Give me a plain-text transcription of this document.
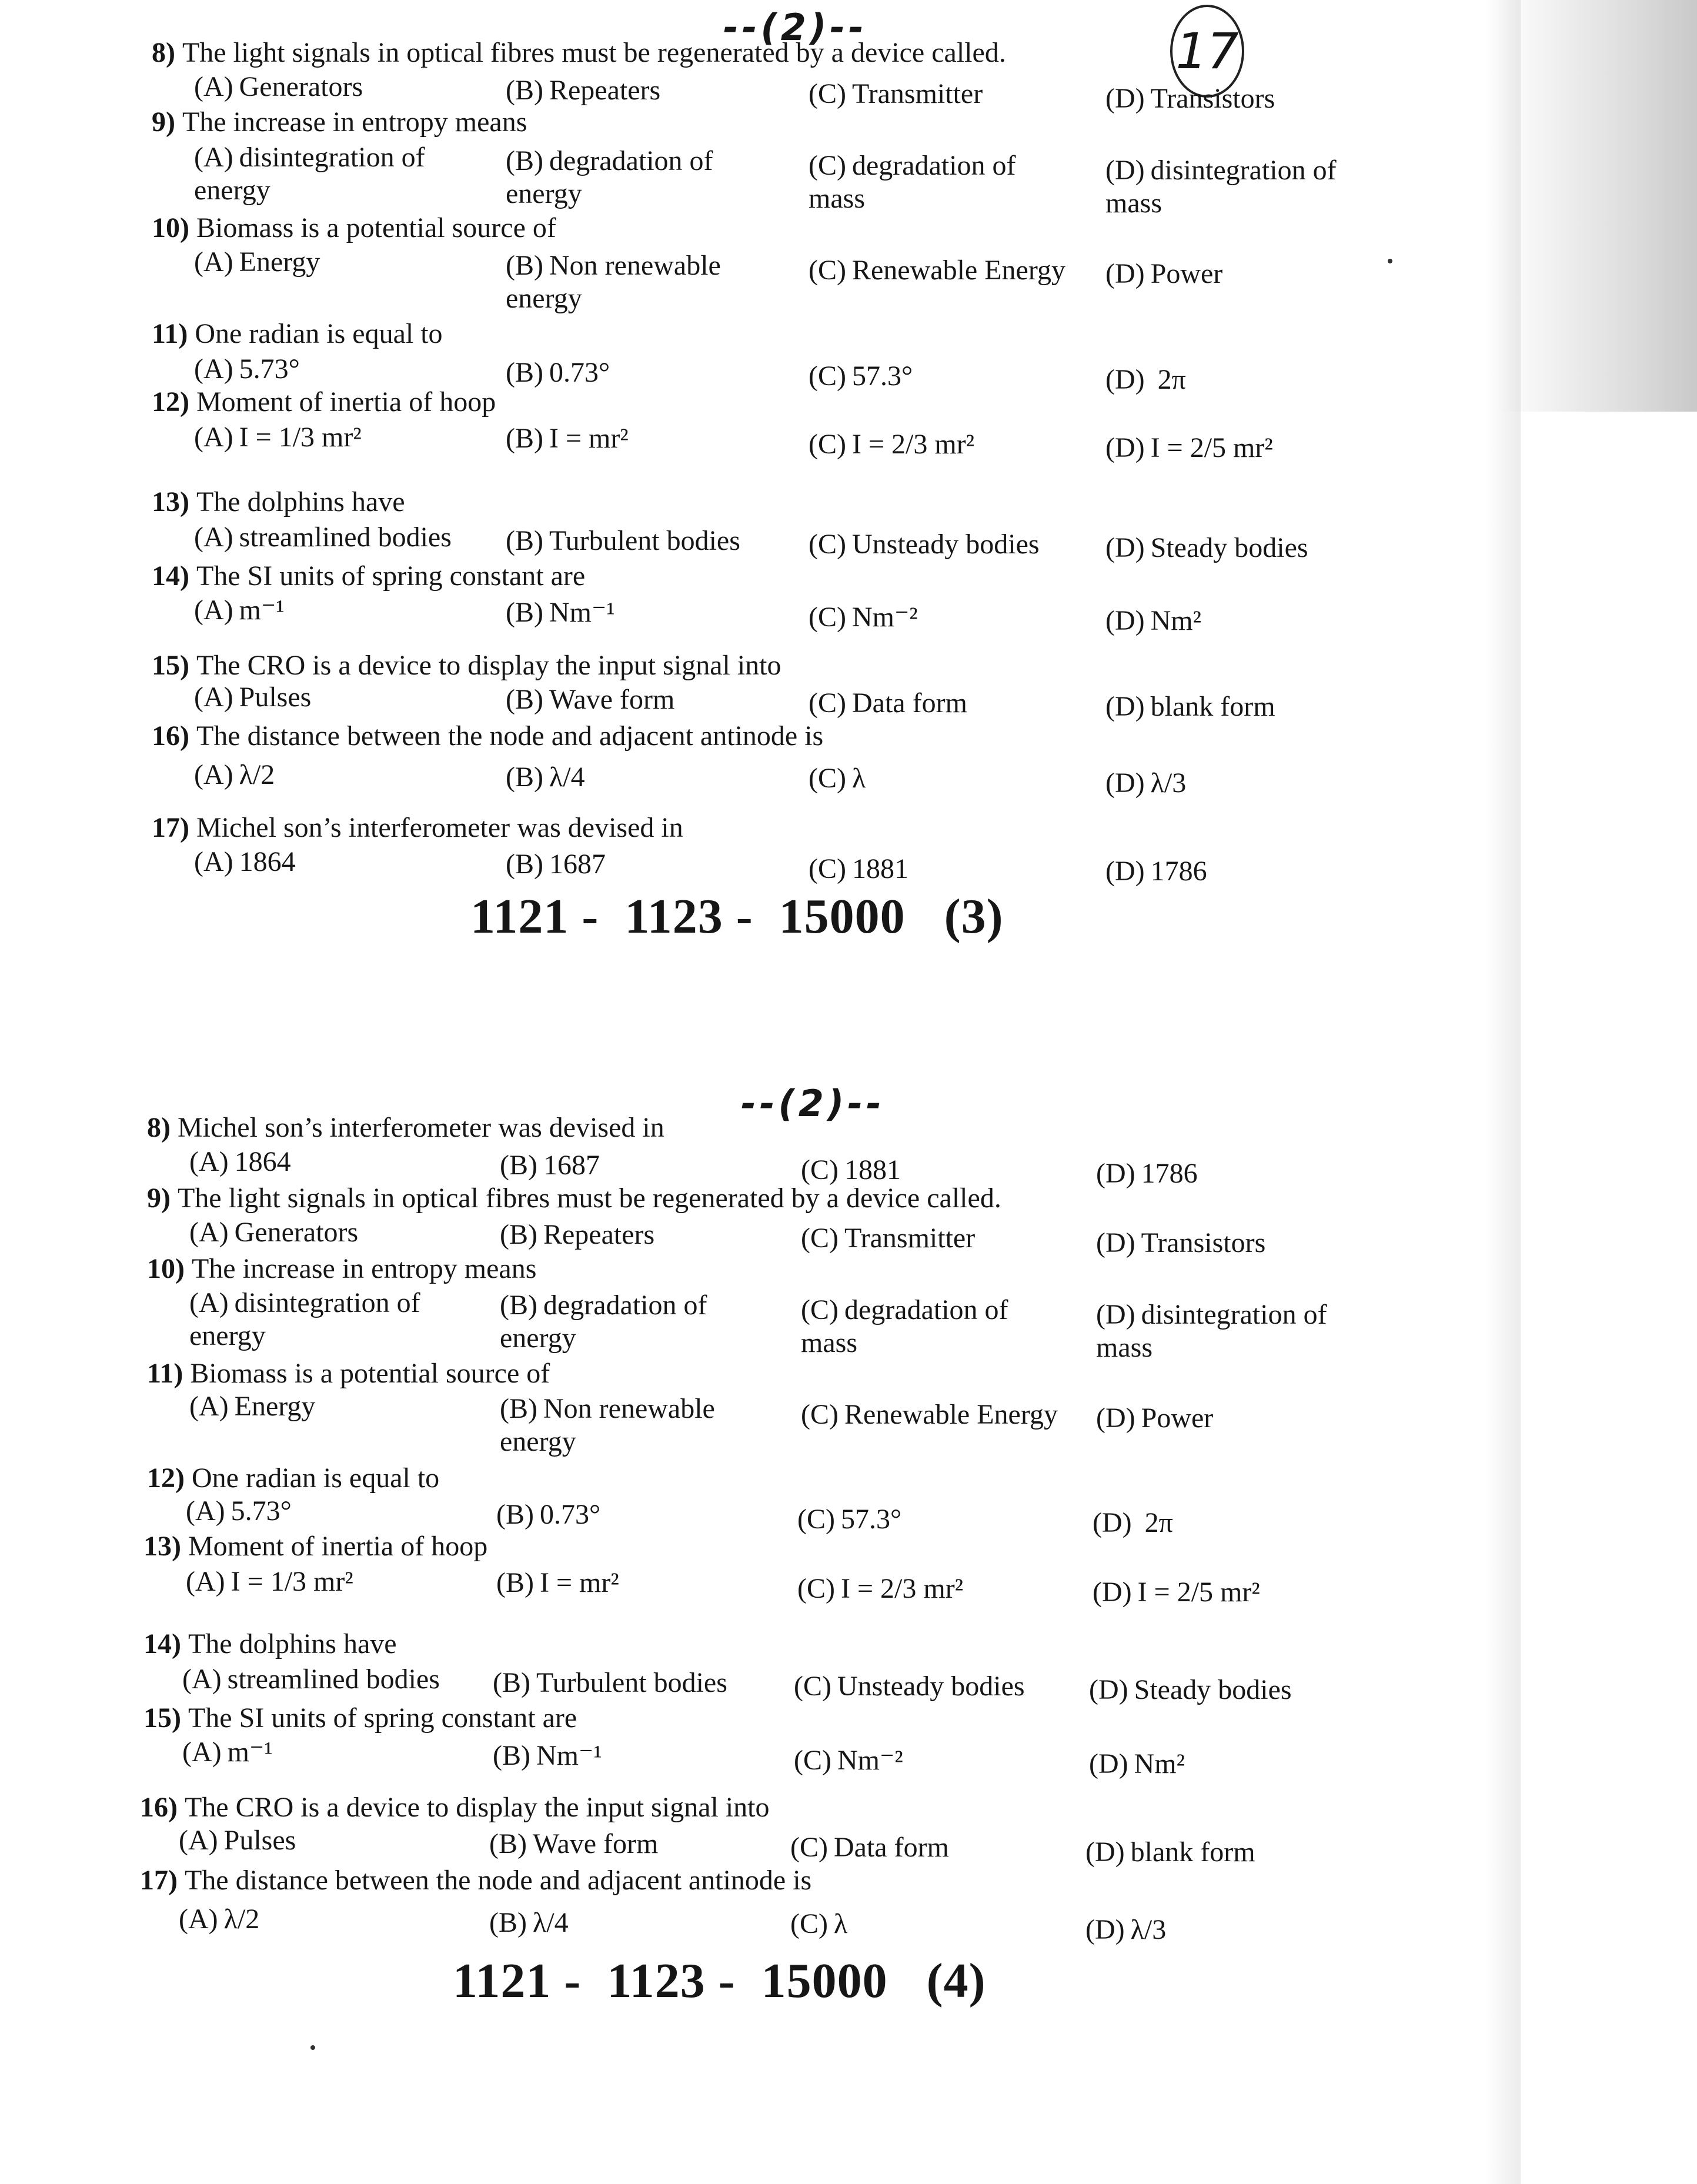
--(2)--	17
8) The light signals in optical fibres must be regenerated by a device called.
(A) Generators	(B) Repeaters	(C) Transmitter	(D) Transistors
9) The increase in entropy means
(A) disintegration of
energy
(B) degradation of
energy
(C) degradation of
mass
(D) disintegration of
mass
10) Biomass is a potential source of
(A) Energy	(B) Non renewable
energy
(C) Renewable Energy (D) Power
11) One radian is equal to
(A) 5.73°	(B) 0.73°	(C) 57.3°	(D) 2π
12) Moment of inertia of hoop
(A) I = 1/3 mr²	(B) I = mr²	(C) I = 2/3 mr²	(D) I = 2/5 mr²
13) The dolphins have
(A) streamlined bodies (B) Turbulent bodies (C) Unsteady bodies (D) Steady bodies
14) The SI units of spring constant are
(A) m⁻¹	(B) Nm⁻¹	(C) Nm⁻²	(D) Nm²
15) The CRO is a device to display the input signal into
(A) Pulses	(B) Wave form	(C) Data form	(D) blank form
16) The distance between the node and adjacent antinode is
(A) λ/2	(B) λ/4	(C) λ	(D) λ/3
17) Michel son’s interferometer was devised in
(A) 1864	(B) 1687	(C) 1881	(D) 1786
1121 -  1123 -  15000   (3)
--(2)--
8) Michel son’s interferometer was devised in
(A) 1864	(B) 1687	(C) 1881	(D) 1786
9) The light signals in optical fibres must be regenerated by a device called.
(A) Generators	(B) Repeaters	(C) Transmitter	(D) Transistors
10) The increase in entropy means
(A) disintegration of
energy
(B) degradation of
energy
(C) degradation of
mass
(D) disintegration of
mass
11) Biomass is a potential source of
(A) Energy	(B) Non renewable
energy
(C) Renewable Energy (D) Power
12) One radian is equal to
(A) 5.73°	(B) 0.73°	(C) 57.3°	(D) 2π
13) Moment of inertia of hoop
(A) I = 1/3 mr²	(B) I = mr²	(C) I = 2/3 mr²	(D) I = 2/5 mr²
14) The dolphins have
(A) streamlined bodies (B) Turbulent bodies (C) Unsteady bodies (D) Steady bodies
15) The SI units of spring constant are
(A) m⁻¹	(B) Nm⁻¹	(C) Nm⁻²	(D) Nm²
16) The CRO is a device to display the input signal into
(A) Pulses	(B) Wave form	(C) Data form	(D) blank form
17) The distance between the node and adjacent antinode is
(A) λ/2	(B) λ/4	(C) λ	(D) λ/3
1121 -  1123 -  15000   (4)
